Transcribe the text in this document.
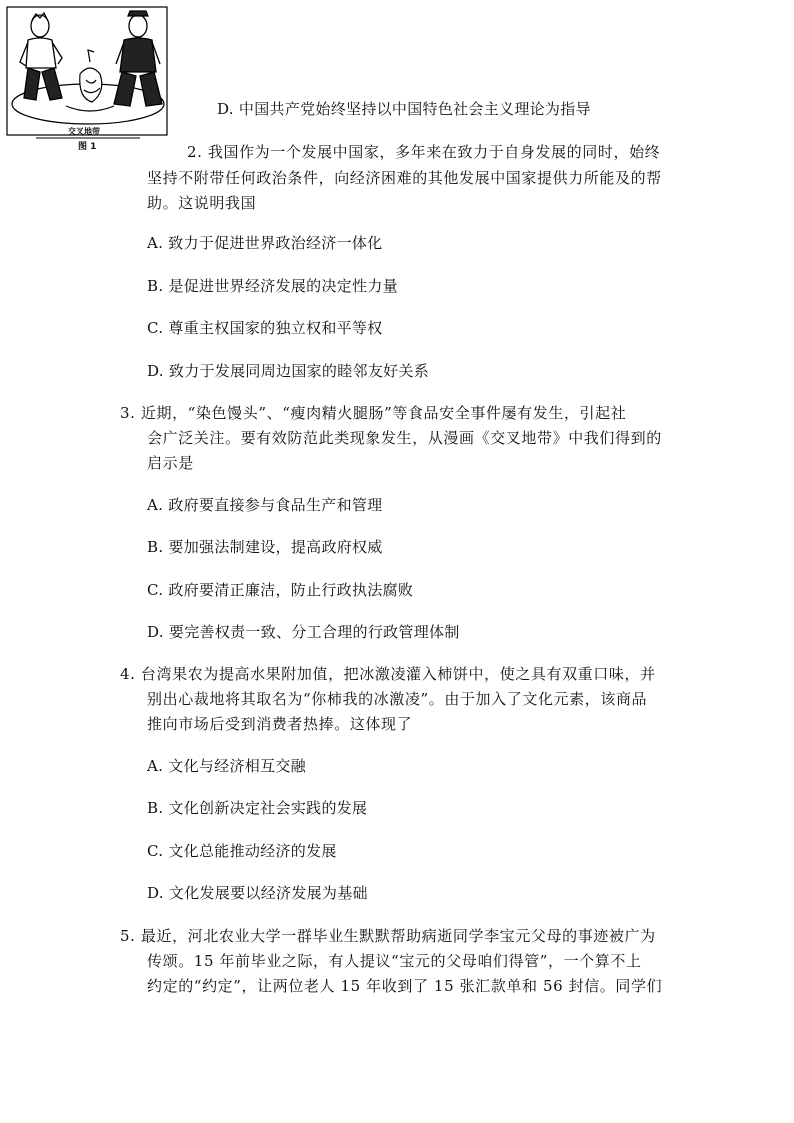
交叉地带
图 1
D. 中国共产党始终坚持以中国特色社会主义理论为指导
2. 我国作为一个发展中国家，多年来在致力于自身发展的同时，始终
坚持不附带任何政治条件，向经济困难的其他发展中国家提供力所能及的帮
助。这说明我国
A. 致力于促进世界政治经济一体化
B. 是促进世界经济发展的决定性力量
C. 尊重主权国家的独立权和平等权
D. 致力于发展同周边国家的睦邻友好关系
3. 近期，“染色馒头”、“瘦肉精火腿肠”等食品安全事件屡有发生，引起社
会广泛关注。要有效防范此类现象发生，从漫画《交叉地带》中我们得到的
启示是
A. 政府要直接参与食品生产和管理
B. 要加强法制建设，提高政府权威
C. 政府要清正廉洁，防止行政执法腐败
D. 要完善权责一致、分工合理的行政管理体制
4. 台湾果农为提高水果附加值，把冰激凌灌入柿饼中，使之具有双重口味，并
别出心裁地将其取名为“你柿我的冰激凌”。由于加入了文化元素，该商品
推向市场后受到消费者热捧。这体现了
A. 文化与经济相互交融
B. 文化创新决定社会实践的发展
C. 文化总能推动经济的发展
D. 文化发展要以经济发展为基础
5. 最近，河北农业大学一群毕业生默默帮助病逝同学李宝元父母的事迹被广为
传颂。15 年前毕业之际，有人提议“宝元的父母咱们得管”，一个算不上
约定的“约定”，让两位老人 15 年收到了 15 张汇款单和 56 封信。同学们
